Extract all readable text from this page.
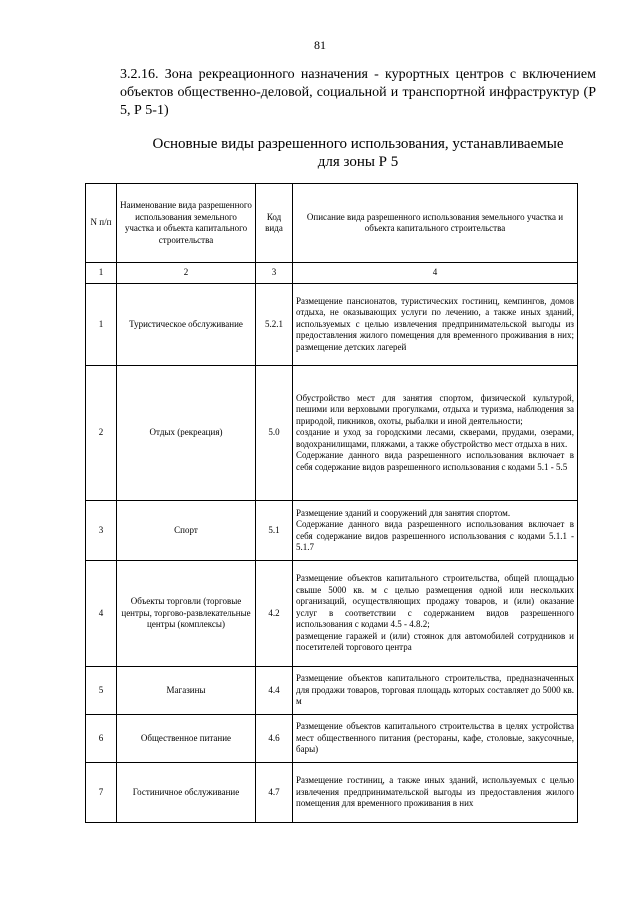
81
3.2.16. Зона рекреационного назначения - курортных центров с включением объектов общественно-деловой, социальной и транспортной инфраструктур (Р 5, Р 5-1)
Основные виды разрешенного использования, устанавливаемые
для зоны Р 5
N п/п	Наименование вида разрешенного использования земельного участка и объекта капитального строительства	Код вида	Описание вида разрешенного использования земельного участка и объекта капитального строительства
1	2	3	4
1	Туристическое обслуживание	5.2.1	Размещение пансионатов, туристических гостиниц, кемпингов, домов отдыха, не оказывающих услуги по лечению, а также иных зданий, используемых с целью извлечения предпринимательской выгоды из предоставления жилого помещения для временного проживания в них; размещение детских лагерей

2	Отдых (рекреация)	5.0	Обустройство мест для занятия спортом, физической культурой, пешими или верховыми прогулками, отдыха и туризма, наблюдения за природой, пикников, охоты, рыбалки и иной деятельности;
создание и уход за городскими лесами, скверами, прудами, озерами, водохранилищами, пляжами, а также обустройство мест отдыха в них.
Содержание данного вида разрешенного использования включает в себя содержание видов разрешенного использования с кодами 5.1 - 5.5

3	Спорт	5.1	Размещение зданий и сооружений для занятия спортом.
Содержание данного вида разрешенного использования включает в себя содержание видов разрешенного использования с кодами 5.1.1 - 5.1.7

4	Объекты торговли (торговые центры, торгово-развлекательные центры (комплексы)	4.2	Размещение объектов капитального строительства, общей площадью свыше 5000 кв. м с целью размещения одной или нескольких организаций, осуществляющих продажу товаров, и (или) оказание услуг в соответствии с содержанием видов разрешенного использования с кодами 4.5 - 4.8.2;
размещение гаражей и (или) стоянок для автомобилей сотрудников и посетителей торгового центра

5	Магазины	4.4	Размещение объектов капитального строительства, предназначенных для продажи товаров, торговая площадь которых составляет до 5000 кв. м

6	Общественное питание	4.6	Размещение объектов капитального строительства в целях устройства мест общественного питания (рестораны, кафе, столовые, закусочные, бары)

7	Гостиничное обслуживание	4.7	Размещение гостиниц, а также иных зданий, используемых с целью извлечения предпринимательской выгоды из предоставления жилого помещения для временного проживания в них
